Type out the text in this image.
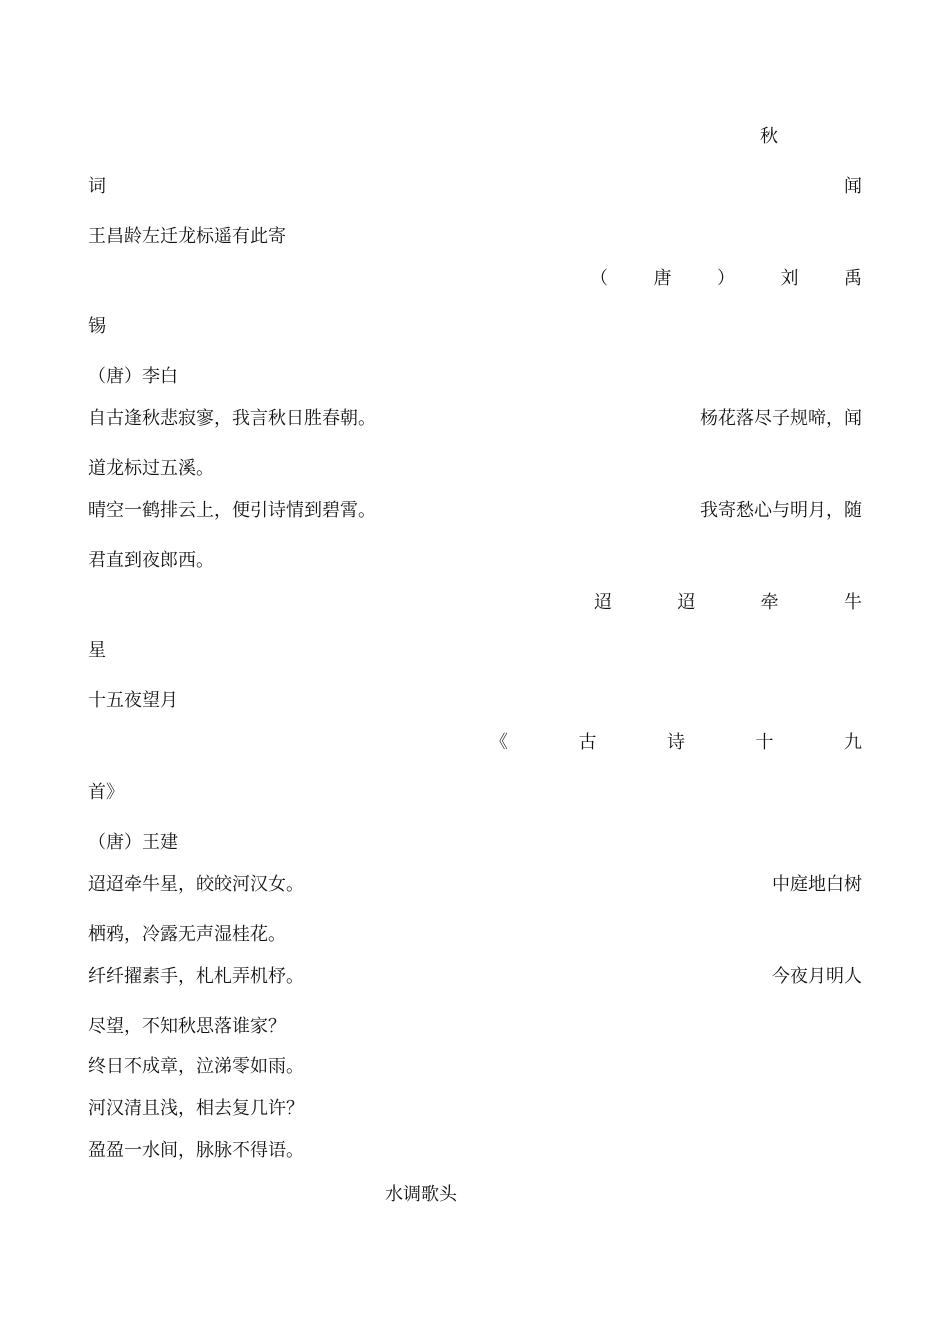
秋
词	闻
王昌龄左迁龙标遥有此寄
（	唐	）	刘	禹
锡
（唐）李白
自古逢秋悲寂寥，我言秋日胜春朝。	杨花落尽子规啼，闻
道龙标过五溪。
晴空一鹤排云上，便引诗情到碧霄。	我寄愁心与明月，随
君直到夜郎西。
迢	迢	牵	牛
星
十五夜望月
《	古	诗	十	九
首》
（唐）王建
迢迢牵牛星，皎皎河汉女。	中庭地白树
栖鸦，冷露无声湿桂花。
纤纤擢素手，札札弄机杼。	今夜月明人
尽望，不知秋思落谁家？
终日不成章，泣涕零如雨。
河汉清且浅，相去复几许？
盈盈一水间，脉脉不得语。
水调歌头
